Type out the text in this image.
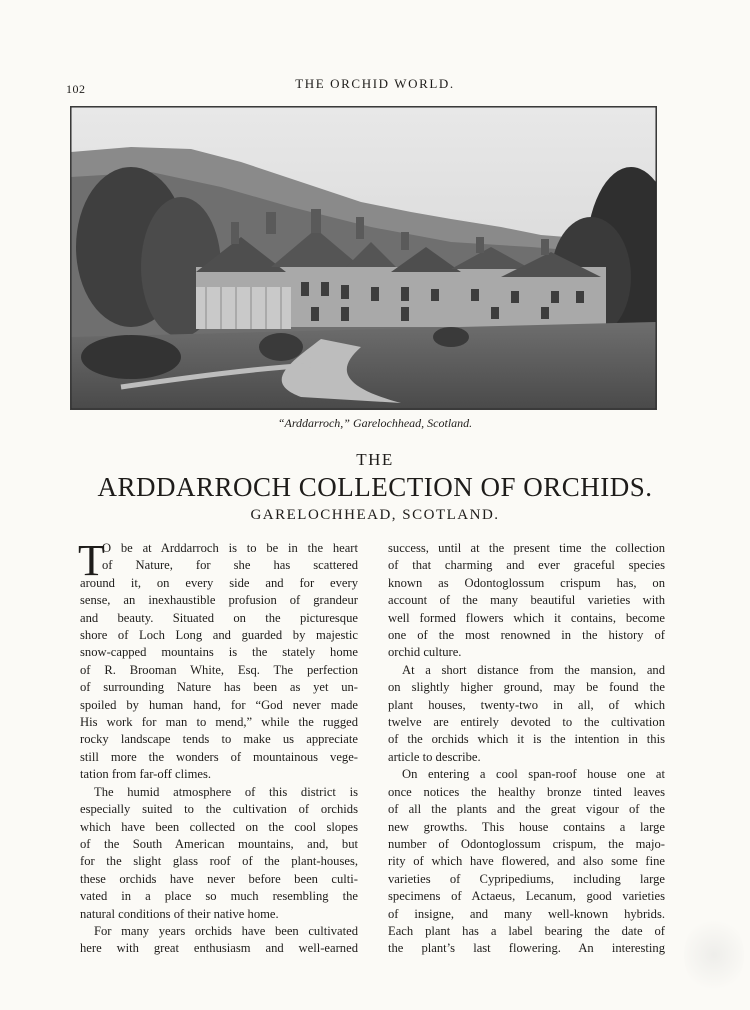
102	THE ORCHID WORLD.
“Arddarroch,” Garelochhead, Scotland.
THE
ARDDARROCH COLLECTION OF ORCHIDS.
GARELOCHHEAD, SCOTLAND.
T
O be at Arddarroch is to be in the heart
of Nature, for she has scattered
around it, on every side and for every
sense, an inexhaustible profusion of grandeur
and beauty. Situated on the picturesque
shore of Loch Long and guarded by majestic
snow-capped mountains is the stately home
of R. Brooman White, Esq. The perfection
of surrounding Nature has been as yet un-
spoiled by human hand, for “God never made
His work for man to mend,” while the rugged
rocky landscape tends to make us appreciate
still more the wonders of mountainous vege-
tation from far-off climes.
The humid atmosphere of this district is
especially suited to the cultivation of orchids
which have been collected on the cool slopes
of the South American mountains, and, but
for the slight glass roof of the plant-houses,
these orchids have never before been culti-
vated in a place so much resembling the
natural conditions of their native home.
For many years orchids have been cultivated
here with great enthusiasm and well-earned
success, until at the present time the collection
of that charming and ever graceful species
known as Odontoglossum crispum has, on
account of the many beautiful varieties with
well formed flowers which it contains, become
one of the most renowned in the history of
orchid culture.
At a short distance from the mansion, and
on slightly higher ground, may be found the
plant houses, twenty-two in all, of which
twelve are entirely devoted to the cultivation
of the orchids which it is the intention in this
article to describe.
On entering a cool span-roof house one at
once notices the healthy bronze tinted leaves
of all the plants and the great vigour of the
new growths. This house contains a large
number of Odontoglossum crispum, the majo-
rity of which have flowered, and also some fine
varieties of Cypripediums, including large
specimens of Actaeus, Lecanum, good varieties
of insigne, and many well-known hybrids.
Each plant has a label bearing the date of
the plant’s last flowering. An interesting
